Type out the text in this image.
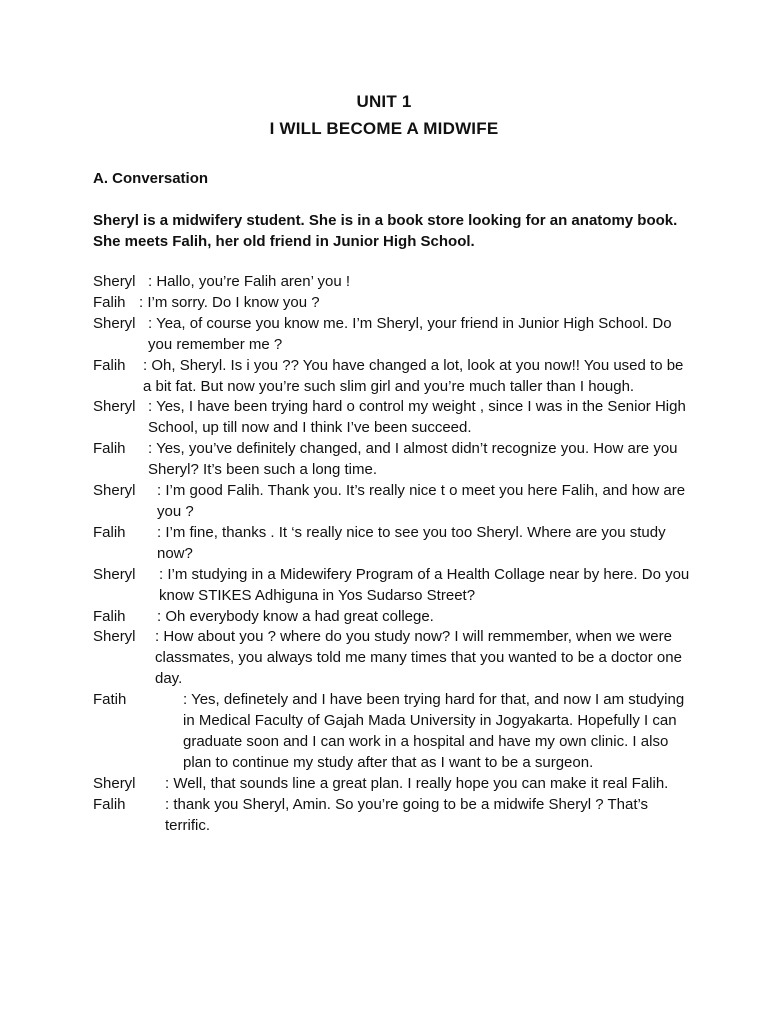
UNIT 1
I WILL BECOME A MIDWIFE
A. Conversation
Sheryl is a midwifery student. She is in a book store looking for an anatomy book. She meets Falih, her old friend in Junior High School.
Sheryl : Hallo, you’re Falih aren’ you !
Falih : I’m sorry. Do I know you ?
Sheryl : Yea, of course you know me. I’m Sheryl, your friend in Junior High School. Do you remember me ?
Falih	: Oh, Sheryl. Is i you ?? You have changed a lot, look at you now!! You used to be a bit fat. But now you’re such slim girl and you’re much taller than I hough.
Sheryl : Yes, I have been trying hard o control my weight , since I was in the Senior High School, up till now and I think I’ve been succeed.
Falih	: Yes, you’ve definitely changed, and I almost didn’t recognize you. How are you Sheryl? It’s been such a long time.
Sheryl	: I’m good Falih. Thank you. It’s really nice t o meet you here Falih, and how are you ?
Falih	: I’m fine, thanks . It ‘s really nice to see you too Sheryl. Where are you study now?
Sheryl	: I’m studying in a Midewifery Program of a Health Collage near by here. Do you know STIKES Adhiguna in Yos Sudarso Street?
Falih	: Oh everybody know a had great college.
Sheryl	: How about you ? where do you study now? I will remmember, when we were classmates, you always told me many times that you wanted to be a doctor one day.
Fatih	: Yes, definetely and I have been trying hard for that, and now I am studying in Medical Faculty of Gajah Mada University in Jogyakarta. Hopefully I can graduate soon and I can work in a hospital and have my own clinic. I also plan to continue my study after that as I want to be a surgeon.
Sheryl	: Well, that sounds line a great plan. I really hope you can make it real Falih.
Falih	: thank you Sheryl, Amin. So you’re going to be a midwife Sheryl ? That’s terrific.
